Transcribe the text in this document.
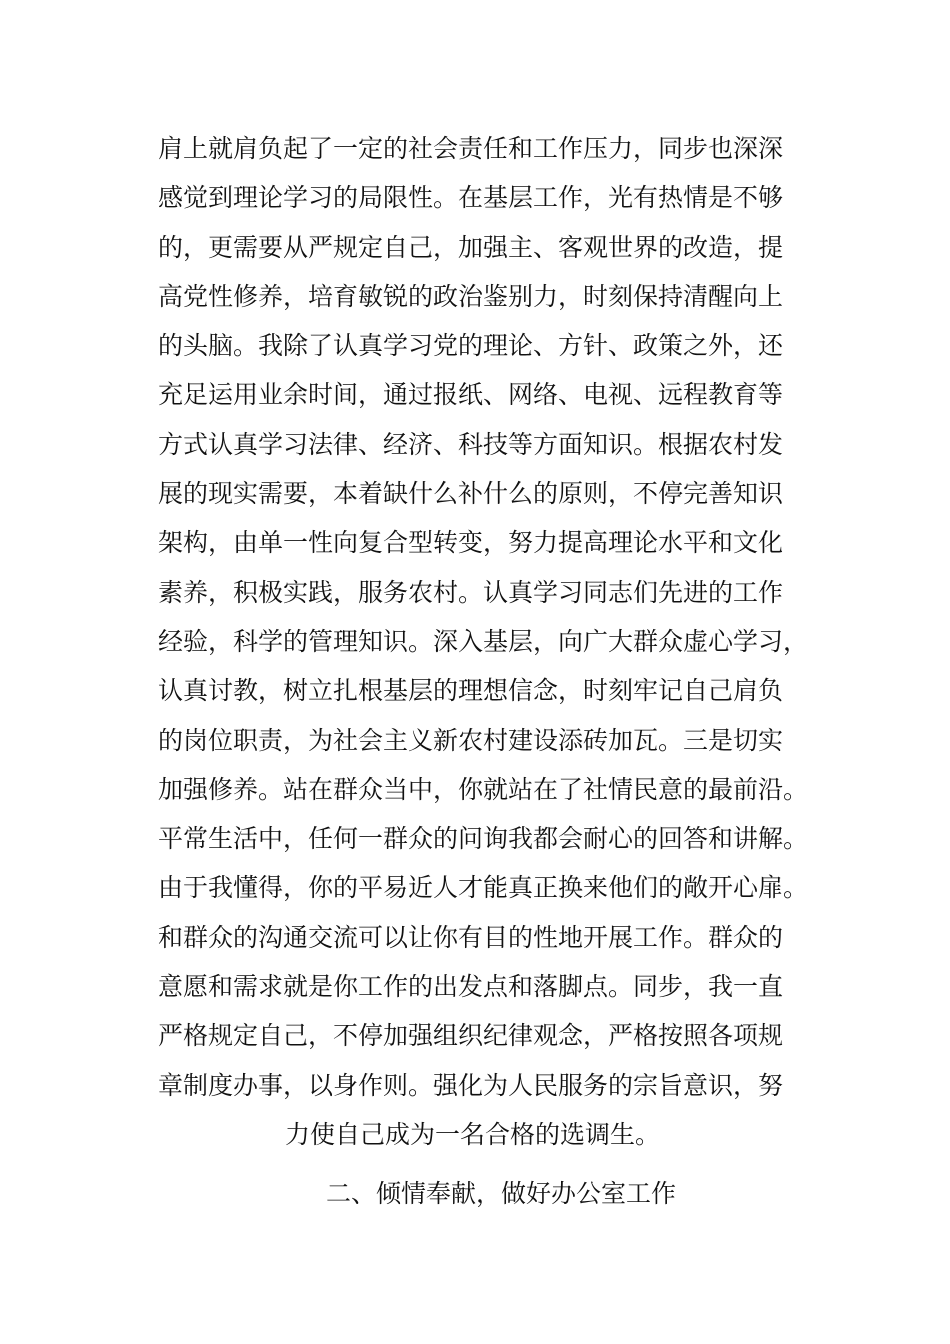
肩上就肩负起了一定的社会责任和工作压力，同步也深深
感觉到理论学习的局限性。在基层工作，光有热情是不够
的，更需要从严规定自己，加强主、客观世界的改造，提
高党性修养，培育敏锐的政治鉴别力，时刻保持清醒向上
的头脑。我除了认真学习党的理论、方针、政策之外，还
充足运用业余时间，通过报纸、网络、电视、远程教育等
方式认真学习法律、经济、科技等方面知识。根据农村发
展的现实需要，本着缺什么补什么的原则，不停完善知识
架构，由单一性向复合型转变，努力提高理论水平和文化
素养，积极实践，服务农村。认真学习同志们先进的工作
经验，科学的管理知识。深入基层，向广大群众虚心学习，
认真讨教，树立扎根基层的理想信念，时刻牢记自己肩负
的岗位职责，为社会主义新农村建设添砖加瓦。三是切实
加强修养。站在群众当中，你就站在了社情民意的最前沿。
平常生活中，任何一群众的问询我都会耐心的回答和讲解。
由于我懂得，你的平易近人才能真正换来他们的敞开心扉。
和群众的沟通交流可以让你有目的性地开展工作。群众的
意愿和需求就是你工作的出发点和落脚点。同步，我一直
严格规定自己，不停加强组织纪律观念，严格按照各项规
章制度办事，以身作则。强化为人民服务的宗旨意识，努
力使自己成为一名合格的选调生。
二、倾情奉献，做好办公室工作
